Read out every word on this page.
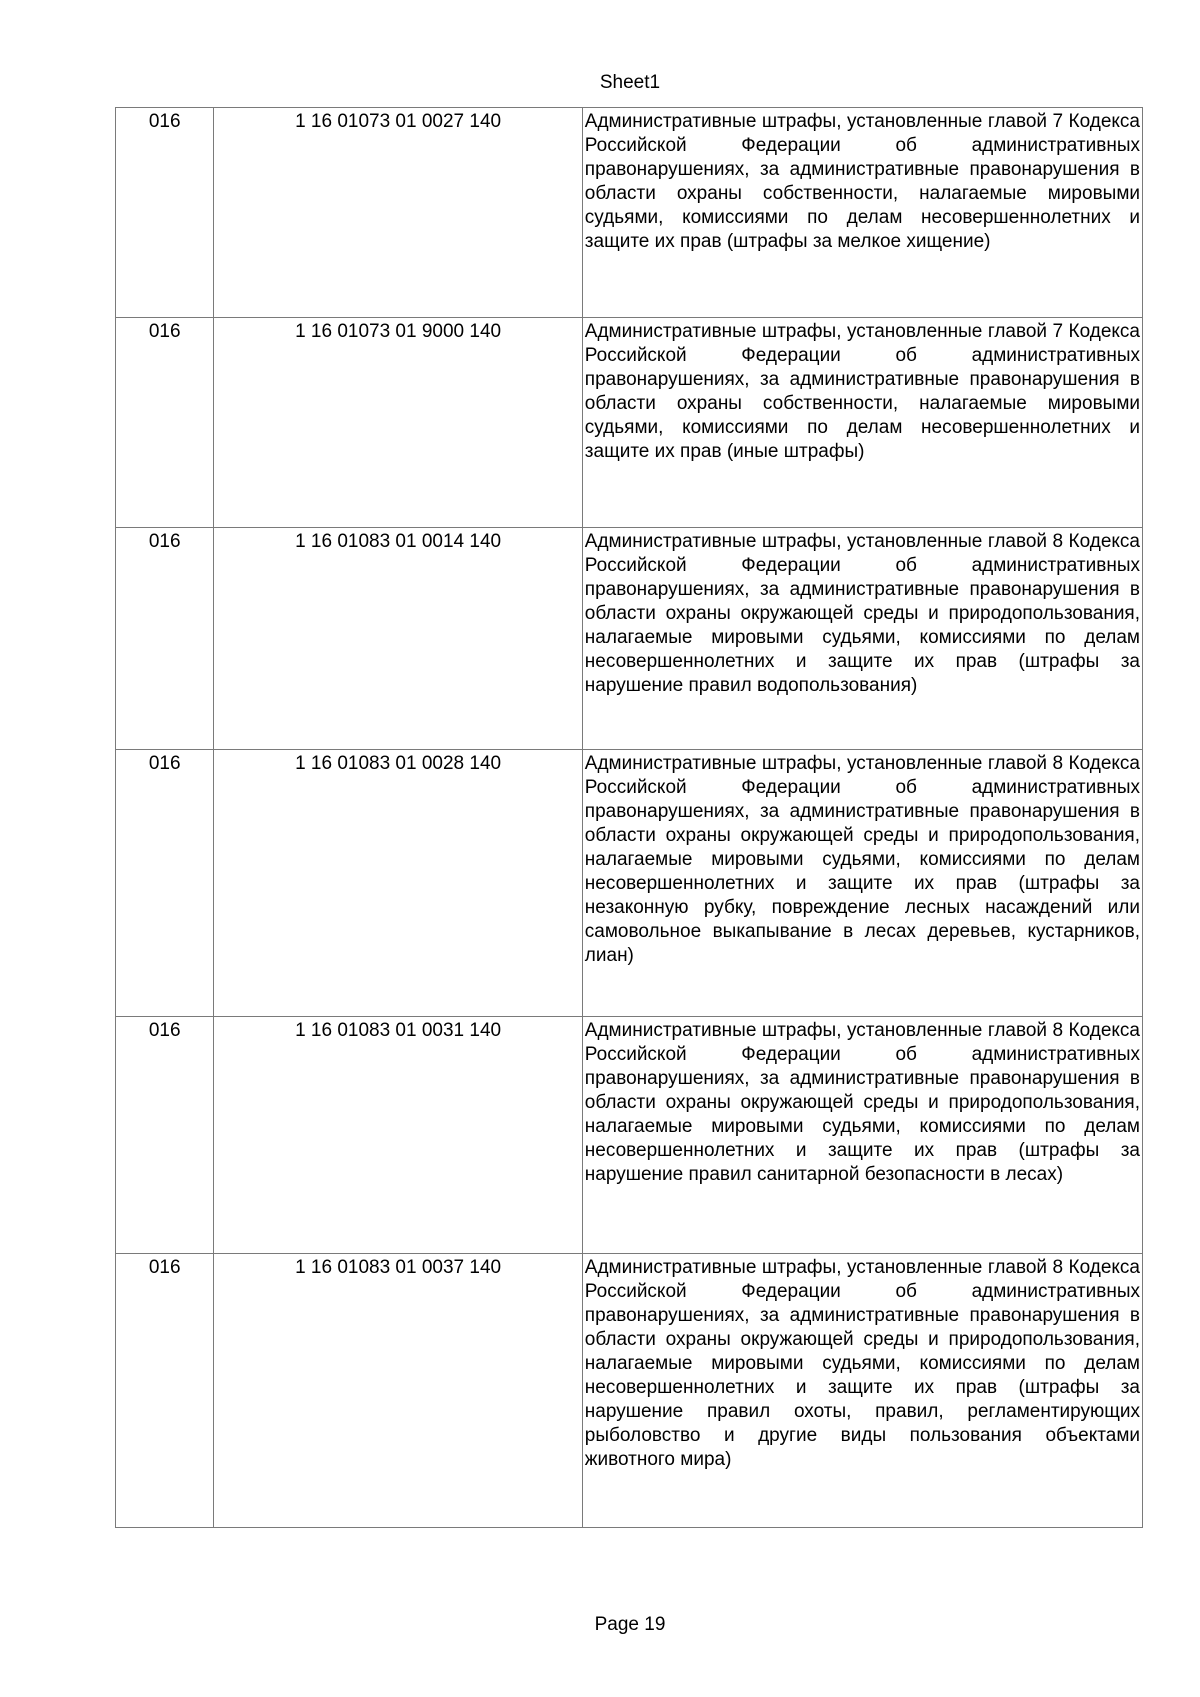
Sheet1
016	1 16 01073 01 0027 140	Административные штрафы, установленные главой 7 Кодекса Российской Федерации об административных правонарушениях, за административные правонарушения в области охраны собственности, налагаемые мировыми судьями, комиссиями по делам несовершеннолетних и защите их прав (штрафы за мелкое хищение)
016	1 16 01073 01 9000 140	Административные штрафы, установленные главой 7 Кодекса Российской Федерации об административных правонарушениях, за административные правонарушения в области охраны собственности, налагаемые мировыми судьями, комиссиями по делам несовершеннолетних и защите их прав (иные штрафы)
016	1 16 01083 01 0014 140	Административные штрафы, установленные главой 8 Кодекса Российской Федерации об административных правонарушениях, за административные правонарушения в области охраны окружающей среды и природопользования, налагаемые мировыми судьями, комиссиями по делам несовершеннолетних и защите их прав (штрафы за нарушение правил водопользования)
016	1 16 01083 01 0028 140	Административные штрафы, установленные главой 8 Кодекса Российской Федерации об административных правонарушениях, за административные правонарушения в области охраны окружающей среды и природопользования, налагаемые мировыми судьями, комиссиями по делам несовершеннолетних и защите их прав (штрафы за незаконную рубку, повреждение лесных насаждений или самовольное выкапывание в лесах деревьев, кустарников, лиан)
016	1 16 01083 01 0031 140	Административные штрафы, установленные главой 8 Кодекса Российской Федерации об административных правонарушениях, за административные правонарушения в области охраны окружающей среды и природопользования, налагаемые мировыми судьями, комиссиями по делам несовершеннолетних и защите их прав (штрафы за нарушение правил санитарной безопасности в лесах)
016	1 16 01083 01 0037 140	Административные штрафы, установленные главой 8 Кодекса Российской Федерации об административных правонарушениях, за административные правонарушения в области охраны окружающей среды и природопользования, налагаемые мировыми судьями, комиссиями по делам несовершеннолетних и защите их прав (штрафы за нарушение правил охоты, правил, регламентирующих рыболовство и другие виды пользования объектами животного мира)
Page 19
